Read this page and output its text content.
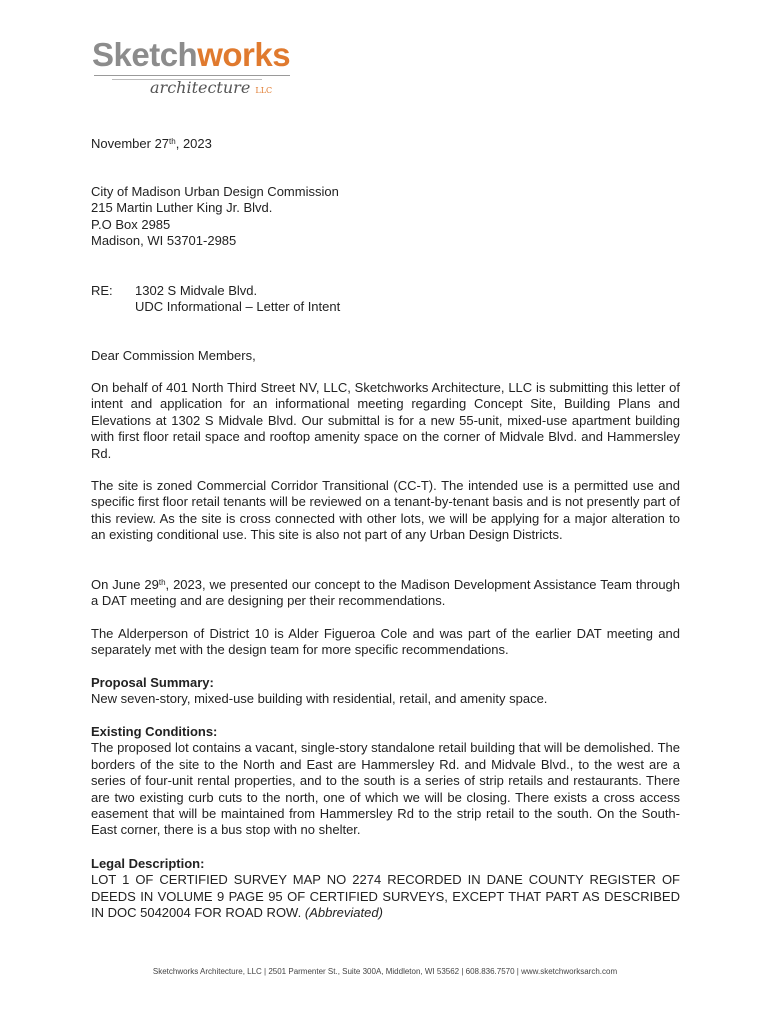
Sketchworks
architecture LLC
November 27th, 2023
City of Madison Urban Design Commission
215 Martin Luther King Jr. Blvd.
P.O Box 2985
Madison, WI 53701-2985
RE:	1302 S Midvale Blvd.
UDC Informational – Letter of Intent
Dear Commission Members,
On behalf of 401 North Third Street NV, LLC, Sketchworks Architecture, LLC is submitting this letter of intent and application for an informational meeting regarding Concept Site, Building Plans and Elevations at 1302 S Midvale Blvd. Our submittal is for a new 55-unit, mixed-use apartment building with first floor retail space and rooftop amenity space on the corner of Midvale Blvd. and Hammersley Rd.
The site is zoned Commercial Corridor Transitional (CC-T). The intended use is a permitted use and specific first floor retail tenants will be reviewed on a tenant-by-tenant basis and is not presently part of this review. As the site is cross connected with other lots, we will be applying for a major alteration to an existing conditional use. This site is also not part of any Urban Design Districts.
On June 29th, 2023, we presented our concept to the Madison Development Assistance Team through a DAT meeting and are designing per their recommendations.
The Alderperson of District 10 is Alder Figueroa Cole and was part of the earlier DAT meeting and separately met with the design team for more specific recommendations.
Proposal Summary:
New seven-story, mixed-use building with residential, retail, and amenity space.
Existing Conditions:
The proposed lot contains a vacant, single-story standalone retail building that will be demolished. The borders of the site to the North and East are Hammersley Rd. and Midvale Blvd., to the west are a series of four-unit rental properties, and to the south is a series of strip retails and restaurants. There are two existing curb cuts to the north, one of which we will be closing. There exists a cross access easement that will be maintained from Hammersley Rd to the strip retail to the south. On the South-East corner, there is a bus stop with no shelter.
Legal Description:
LOT 1 OF CERTIFIED SURVEY MAP NO 2274 RECORDED IN DANE COUNTY REGISTER OF DEEDS IN VOLUME 9 PAGE 95 OF CERTIFIED SURVEYS, EXCEPT THAT PART AS DESCRIBED IN DOC 5042004 FOR ROAD ROW. (Abbreviated)
Sketchworks Architecture, LLC | 2501 Parmenter St., Suite 300A, Middleton, WI 53562 | 608.836.7570 | www.sketchworksarch.com
